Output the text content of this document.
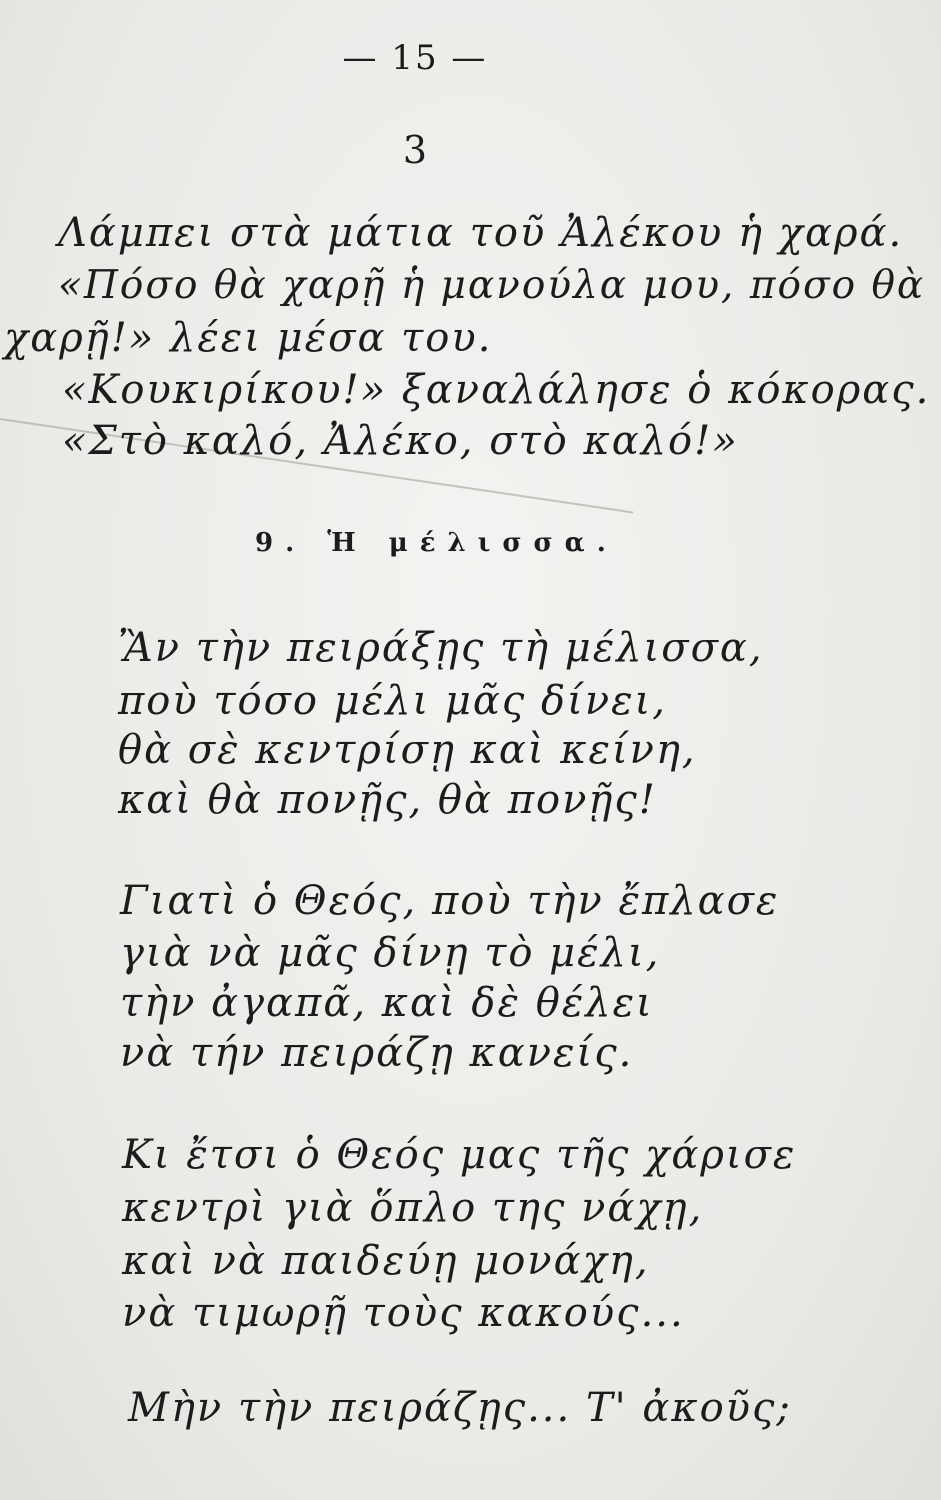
— 15 —
3
Λάμπει στὰ μάτια τοῦ Ἀλέκου ἡ χαρά.
«Πόσο θὰ χαρῇ ἡ μανούλα μου, πόσο θὰ
χαρῇ!» λέει μέσα του.
«Κουκιρίκου!» ξαναλάλησε ὁ κόκορας.
«Στὸ καλό, Ἀλέκο, στὸ καλό!»
9. Ἡ μέλισσα.
Ἂν τὴν πειράξῃς τὴ μέλισσα,
ποὺ τόσο μέλι μᾶς δίνει,
θὰ σὲ κεντρίσῃ καὶ κείνη,
καὶ θὰ πονῇς, θὰ πονῇς!
Γιατὶ ὁ Θεός, ποὺ τὴν ἔπλασε
γιὰ νὰ μᾶς δίνῃ τὸ μέλι,
τὴν ἀγαπᾶ, καὶ δὲ θέλει
νὰ τήν πειράζῃ κανείς.
Κι ἔτσι ὁ Θεός μας τῆς χάρισε
κεντρὶ γιὰ ὅπλο της νάχῃ,
καὶ νὰ παιδεύῃ μονάχη,
νὰ τιμωρῇ τοὺς κακούς...
Μὴν τὴν πειράζῃς... Τ' ἀκοῦς;
